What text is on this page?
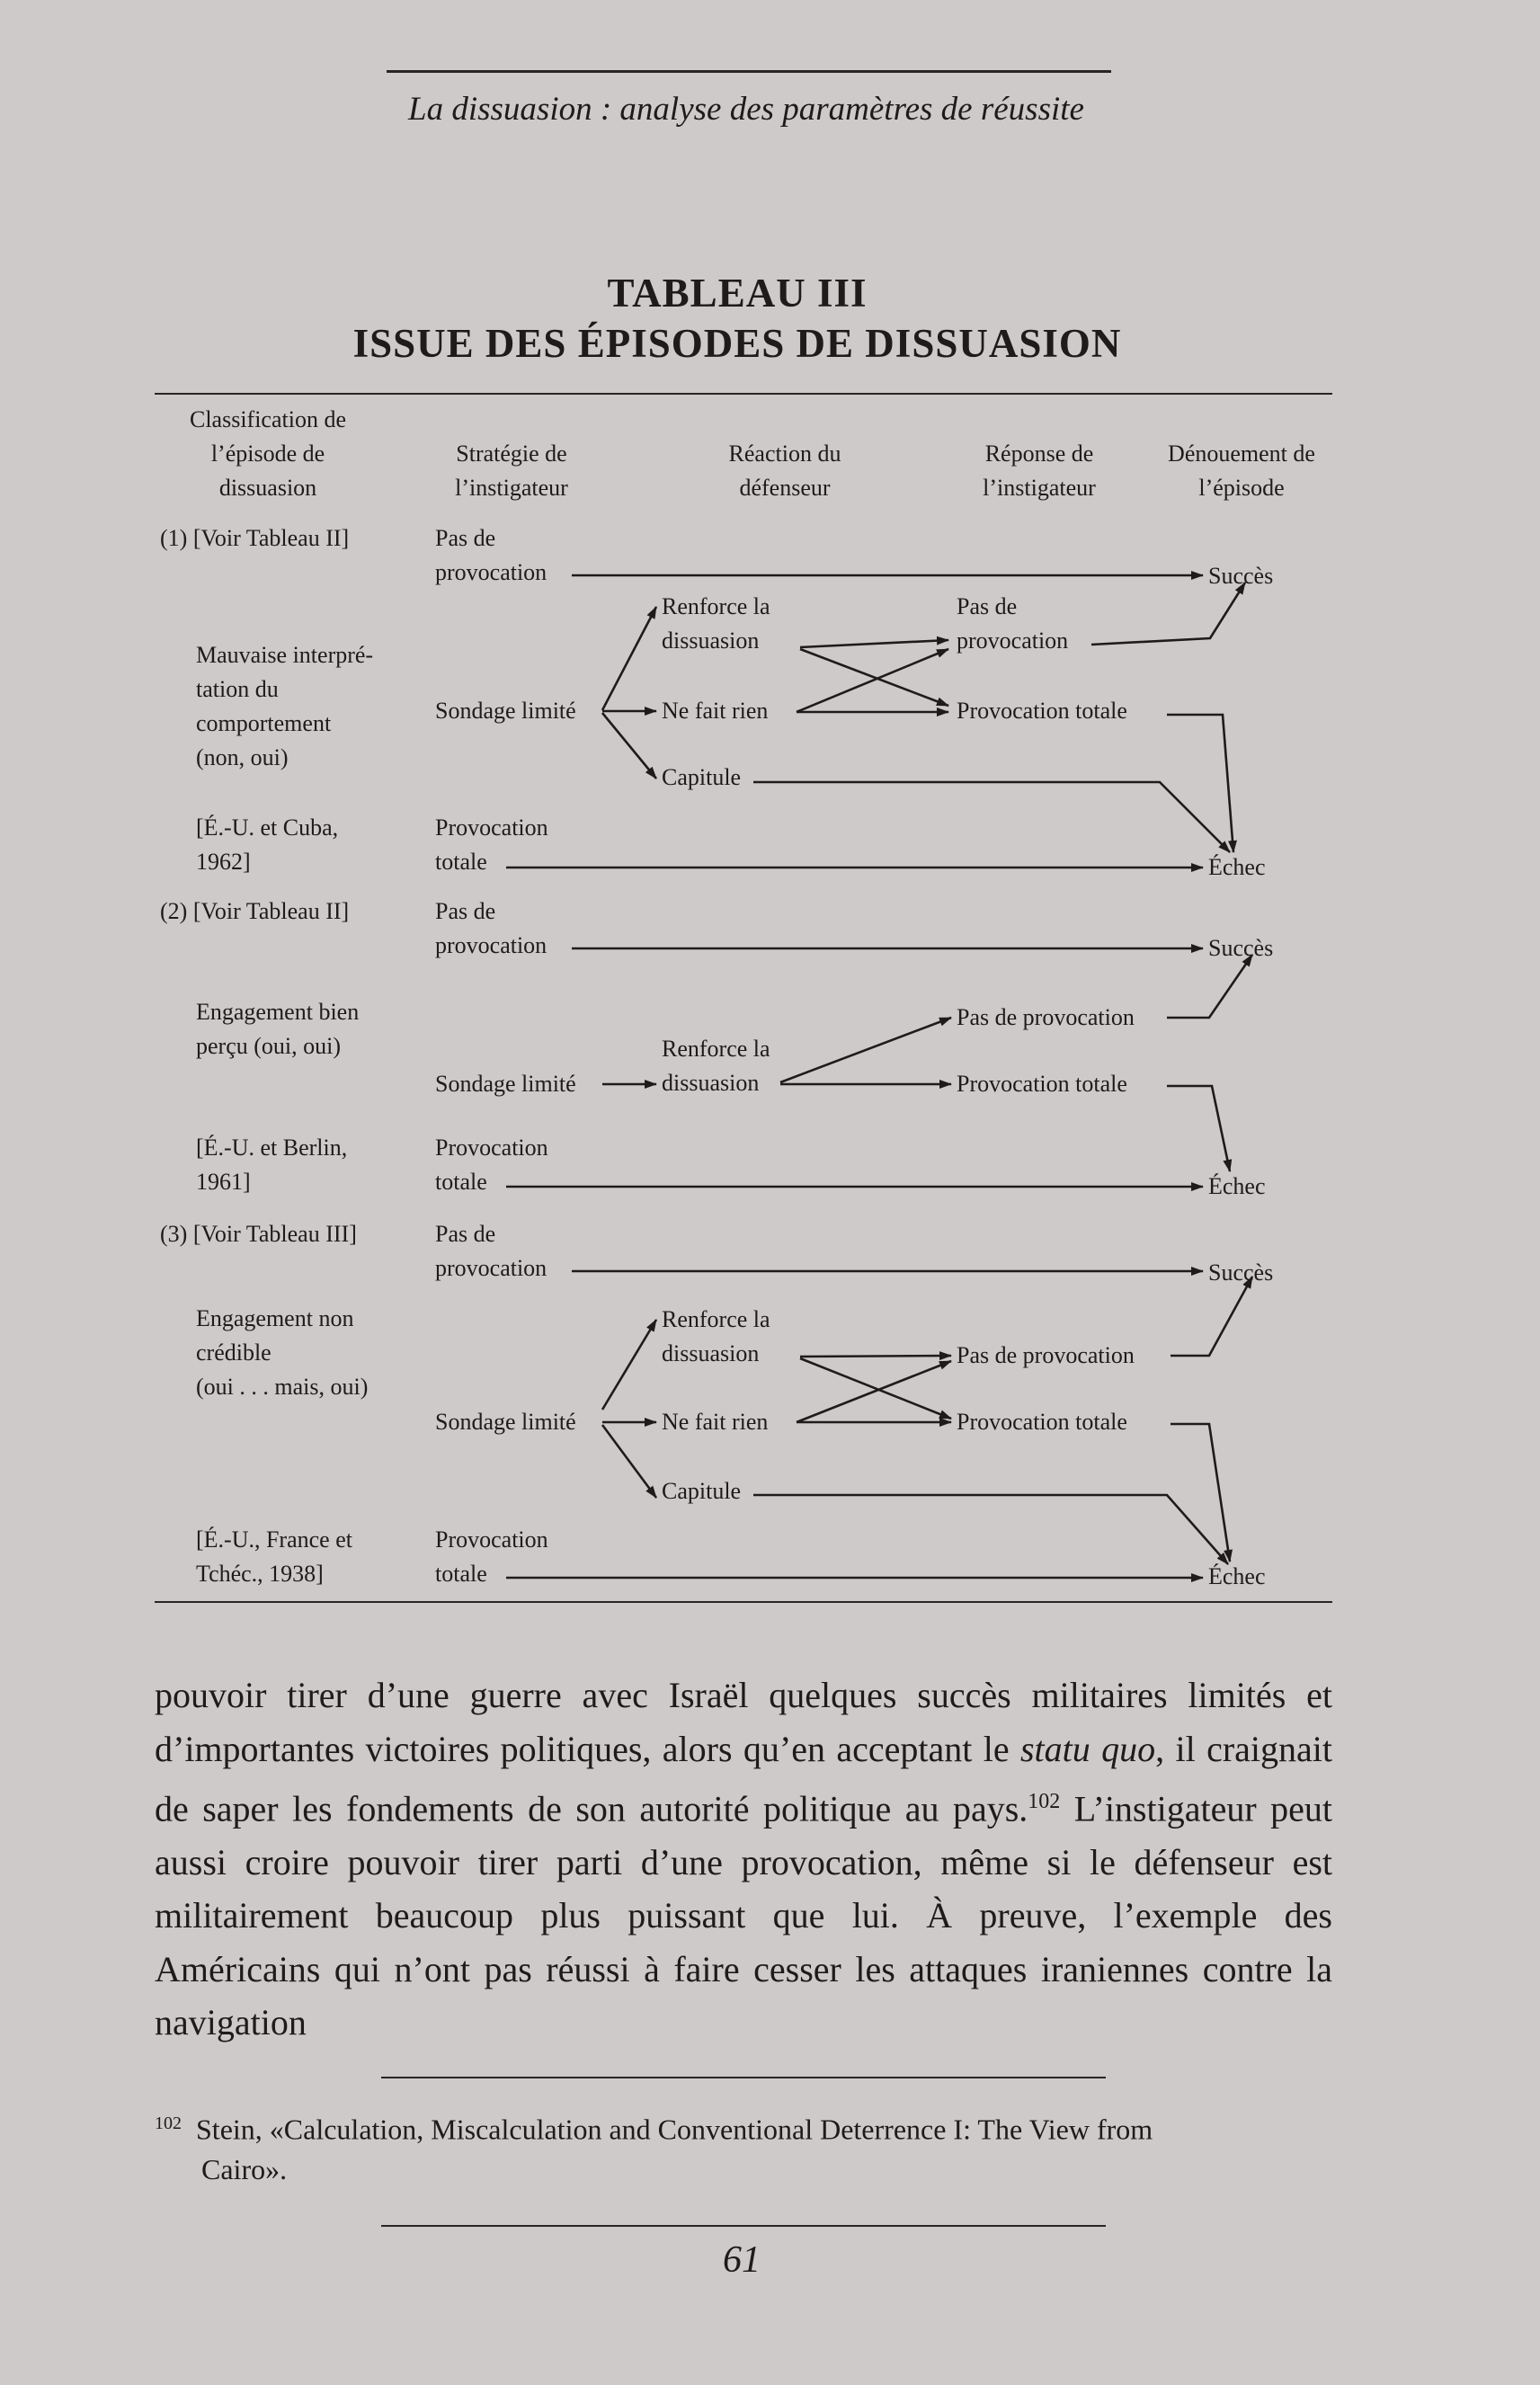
La dissuasion : analyse des paramètres de réussite
TABLEAU III
ISSUE DES ÉPISODES DE DISSUASION
Classification de
l’épisode de
dissuasion
Stratégie de
l’instigateur
Réaction du
défenseur
Réponse de
l’instigateur
Dénouement de
l’épisode
(1) [Voir Tableau II]
Mauvaise interpré-
tation du
comportement
(non, oui)
[É.-U. et Cuba,
1962]
Pas de
provocation
Sondage limité
Provocation
totale
Renforce la
dissuasion
Ne fait rien
Capitule
Pas de
provocation
Provocation totale
Succès
Échec
(2) [Voir Tableau II]
Engagement bien
perçu (oui, oui)
[É.-U. et Berlin,
1961]
Pas de
provocation
Sondage limité
Provocation
totale
Renforce la
dissuasion
Pas de provocation
Provocation totale
Succès
Échec
(3) [Voir Tableau III]
Engagement non
crédible
(oui . . . mais, oui)
[É.-U., France et
Tchéc., 1938]
Pas de
provocation
Sondage limité
Provocation
totale
Renforce la
dissuasion
Ne fait rien
Capitule
Pas de provocation
Provocation totale
Succès
Échec
pouvoir tirer d’une guerre avec Israël quelques succès militaires limités et d’importantes victoires politiques, alors qu’en acceptant le statu quo, il craignait de saper les fondements de son autorité politique au pays.$^{102}$ L’instigateur peut aussi croire pouvoir tirer parti d’une provocation, même si le défenseur est militairement beaucoup plus puissant que lui. À preuve, l’exemple des Américains qui n’ont pas réussi à faire cesser les attaques iraniennes contre la navigation
$^{102}$ Stein, «Calculation, Miscalculation and Conventional Deterrence I: The View from
Cairo».
61
